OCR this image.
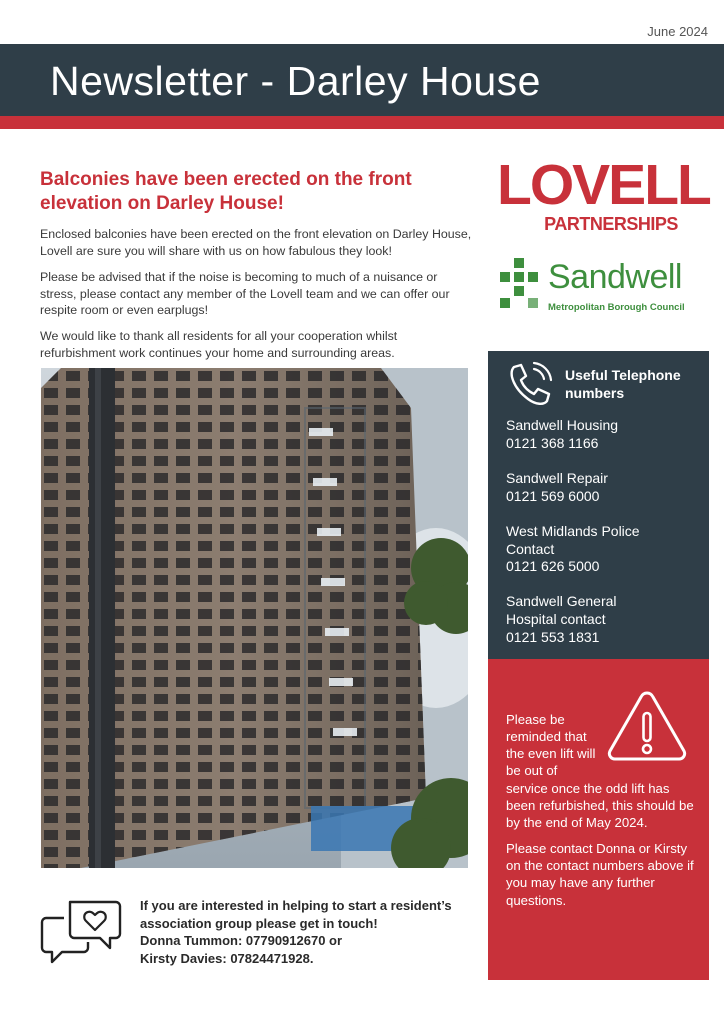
June 2024
Newsletter - Darley House
Balconies have been erected on the front elevation on Darley House!

Enclosed balconies have been erected on the front elevation on Darley House, Lovell are sure you will share with us on how fabulous they look!

Please be advised that if the noise is becoming to much of a nuisance or stress, please contact any member of the Lovell team and we can offer our respite room or even earplugs!

We would like to thank all residents for all your cooperation whilst refurbishment work continues your home and surrounding areas.

LOVELL
PARTNERSHIPS
Sandwell
Metropolitan Borough Council
Useful Telephone numbers
Sandwell Housing
0121 368 1166
Sandwell Repair
0121 569 6000
West Midlands Police Contact
0121 626 5000
Sandwell General Hospital contact
0121 553 1831

Please be reminded that the even lift will be out of
service once the odd lift has been refurbished, this should be by the end of May 2024.

Please contact Donna or Kirsty on the contact numbers above if you may have any further questions.

If you are interested in helping to start a resident’s association group please get in touch!
Donna Tummon: 07790912670 or
Kirsty Davies: 07824471928.
